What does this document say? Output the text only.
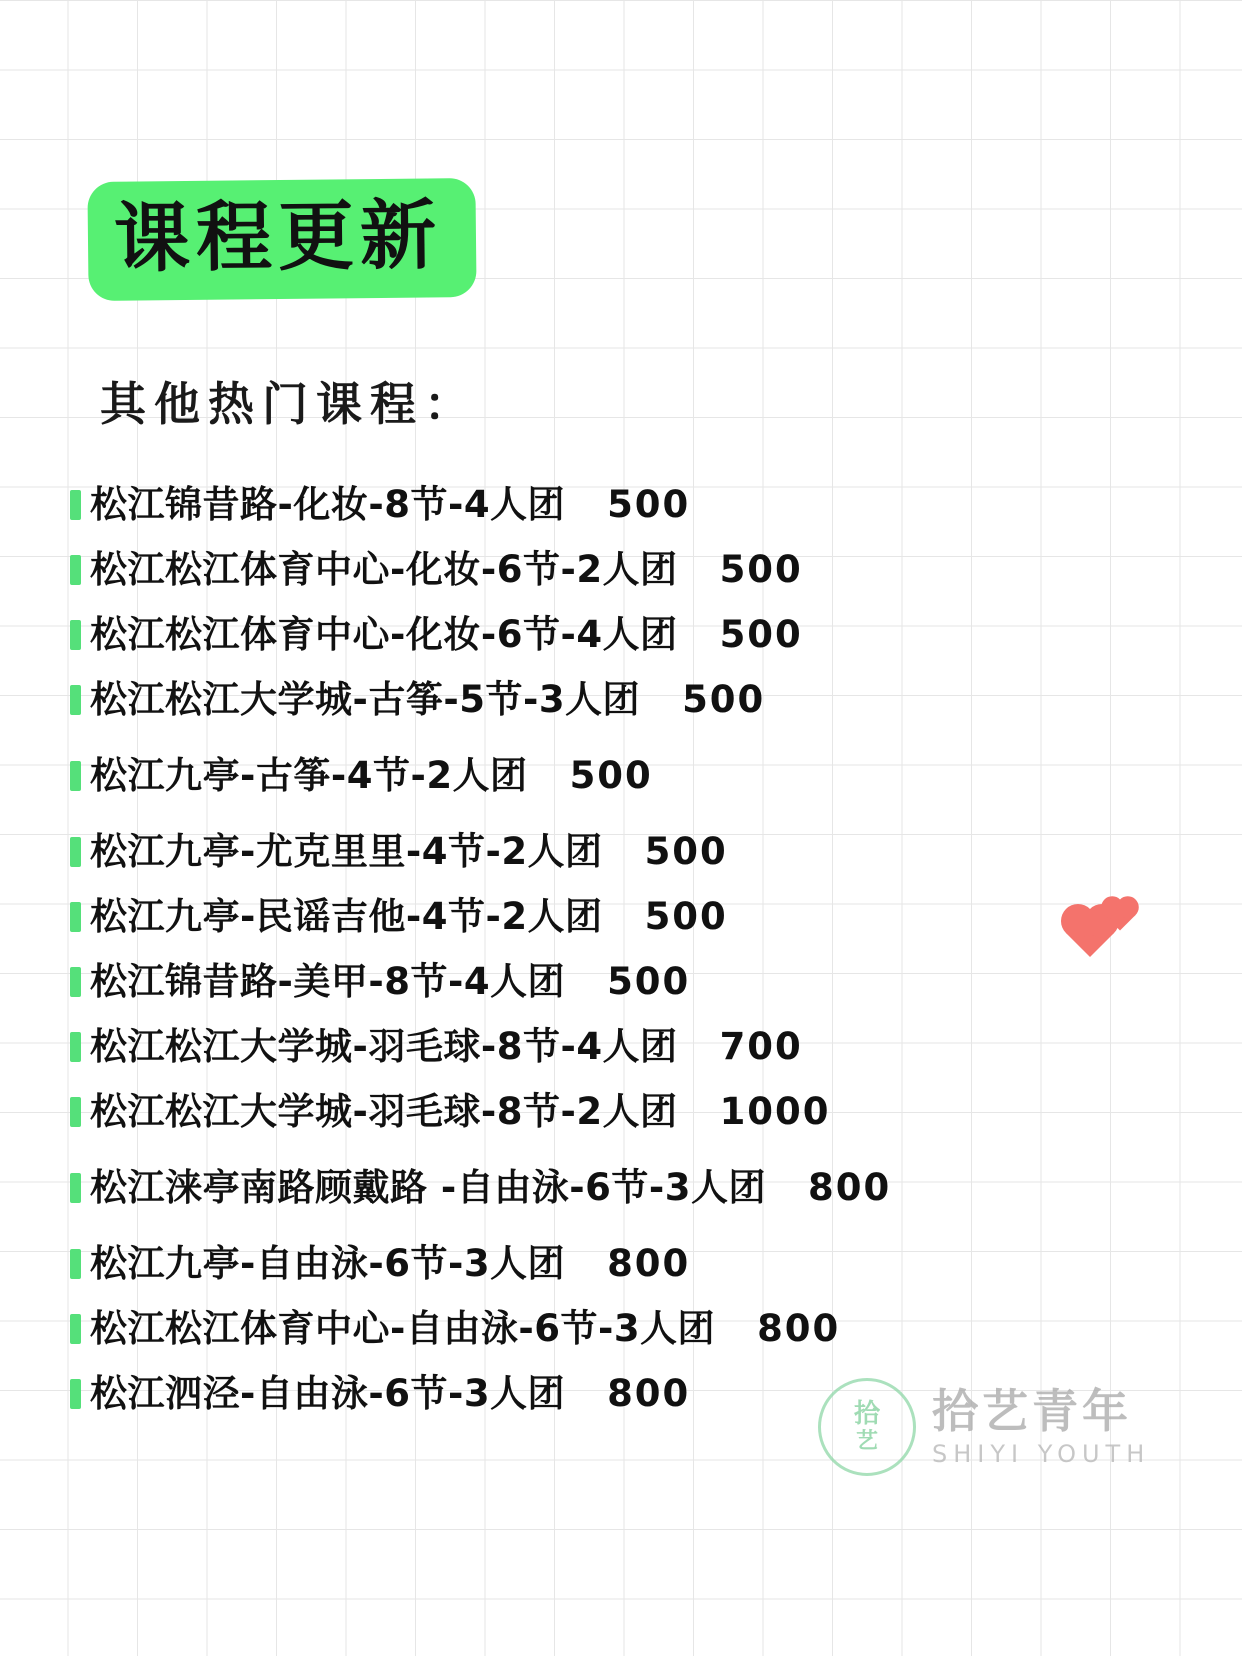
课程更新
其他热门课程：
松江锦昔路-化妆-8节-4人团 500
松江松江体育中心-化妆-6节-2人团 500
松江松江体育中心-化妆-6节-4人团 500
松江松江大学城-古筝-5节-3人团 500
松江九亭-古筝-4节-2人团 500
松江九亭-尤克里里-4节-2人团 500
松江九亭-民谣吉他-4节-2人团 500
松江锦昔路-美甲-8节-4人团 500
松江松江大学城-羽毛球-8节-4人团 700
松江松江大学城-羽毛球-8节-2人团 1000
松江涞亭南路顾戴路 -自由泳-6节-3人团 800
松江九亭-自由泳-6节-3人团 800
松江松江体育中心-自由泳-6节-3人团 800
松江泗泾-自由泳-6节-3人团 800	拾
艺
拾艺青年
SHIYI YOUTH
